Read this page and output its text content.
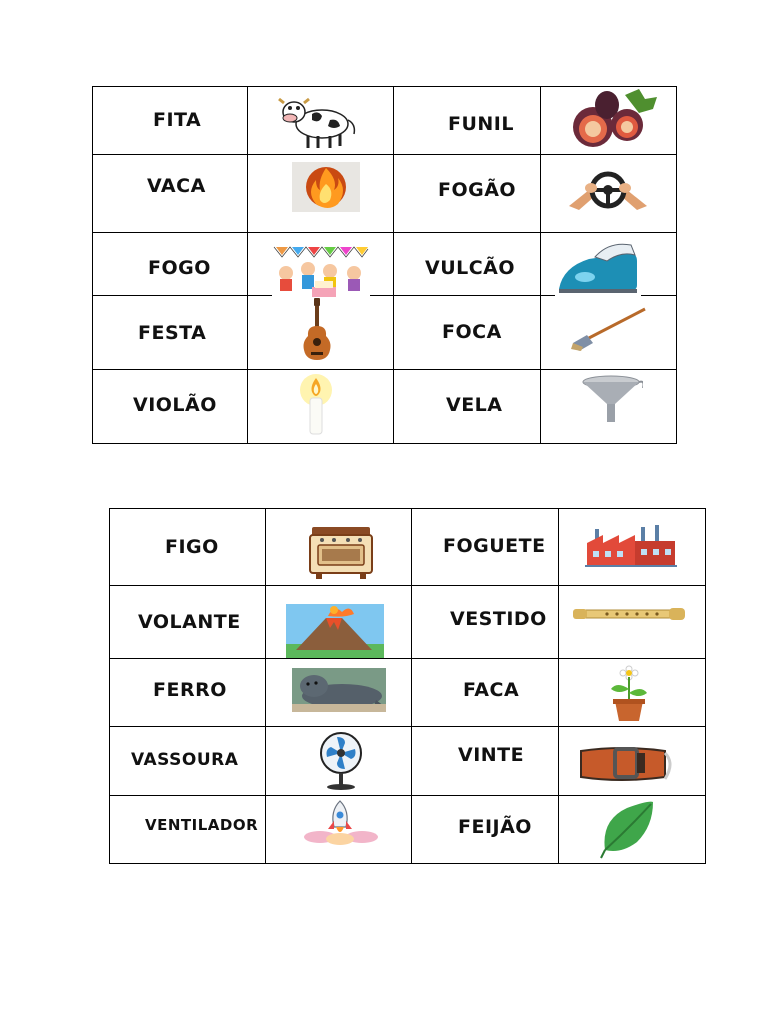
FITA		FUNIL

VACA		FOGÃO

FOGO		VULCÃO

FESTA		FOCA

VIOLÃO		VELA

FIGO		FOGUETE

VOLANTE		VESTIDO

FERRO		FACA

VASSOURA		VINTE

VENTILADOR		FEIJÃO
